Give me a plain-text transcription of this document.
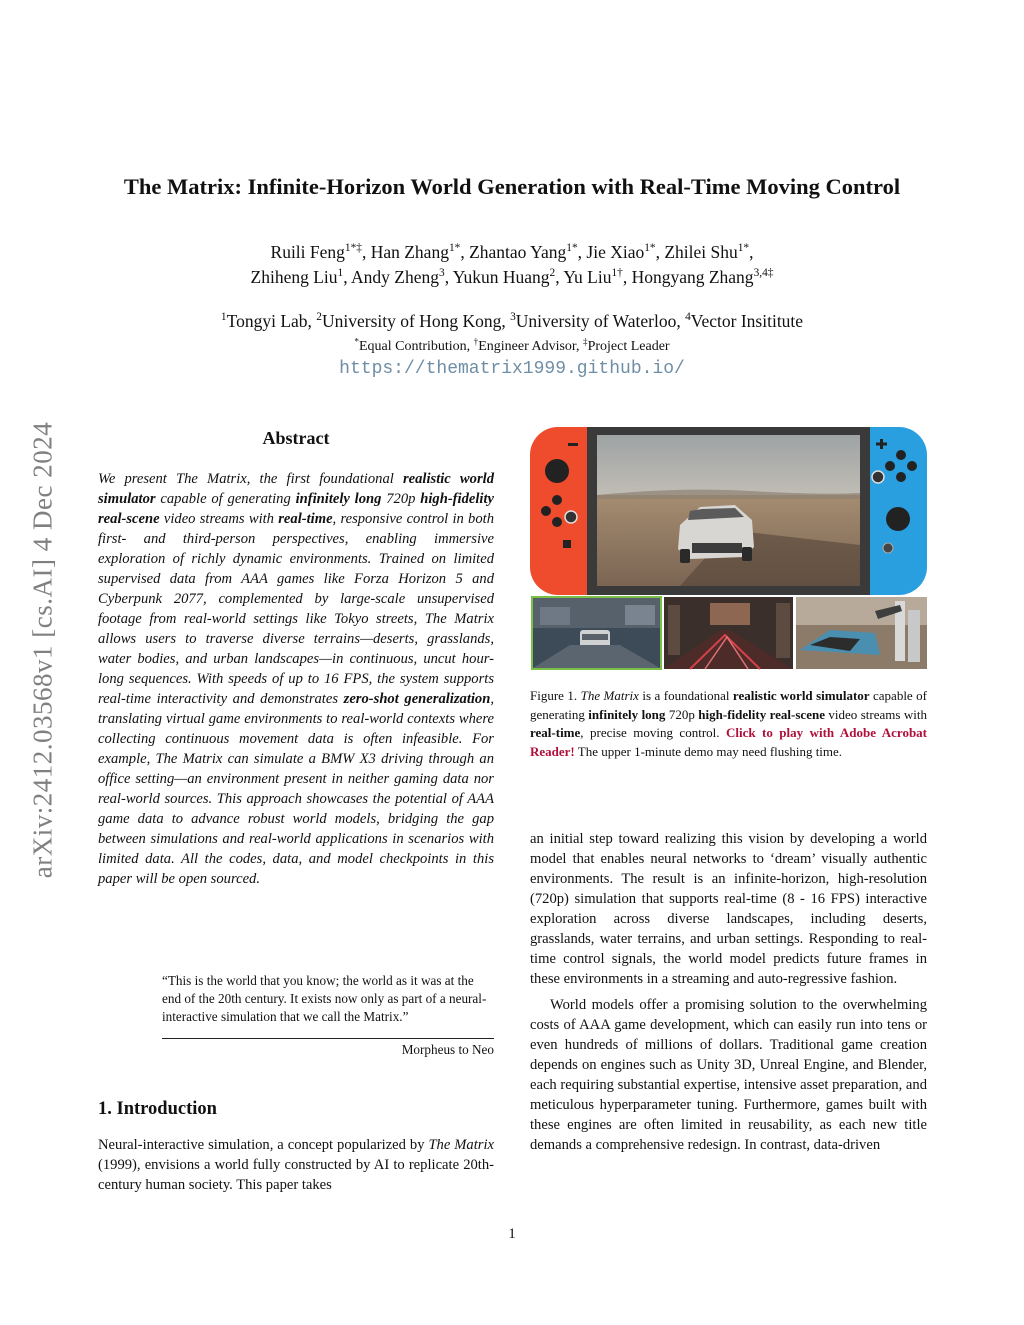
arXiv:2412.03568v1 [cs.AI] 4 Dec 2024
The Matrix: Infinite-Horizon World Generation with Real-Time Moving Control
Ruili Feng$^{1*\ddagger}$, Han Zhang$^{1*}$, Zhantao Yang$^{1*}$, Jie Xiao$^{1*}$, Zhilei Shu$^{1*}$,
Zhiheng Liu$^1$, Andy Zheng$^3$, Yukun Huang$^2$, Yu Liu$^{1\dagger}$, Hongyang Zhang$^{3,4\ddagger}$
$^1$Tongyi Lab, $^2$University of Hong Kong, $^3$University of Waterloo, $^4$Vector Insititute
*Equal Contribution, †Engineer Advisor, ‡Project Leader
https://thematrix1999.github.io/
Abstract
We present The Matrix, the first foundational realistic world simulator capable of generating infinitely long 720p high-fidelity real-scene video streams with real-time, responsive control in both first- and third-person perspectives, enabling immersive exploration of richly dynamic environments. Trained on limited supervised data from AAA games like Forza Horizon 5 and Cyberpunk 2077, complemented by large-scale unsupervised footage from real-world settings like Tokyo streets, The Matrix allows users to traverse diverse terrains—deserts, grasslands, water bodies, and urban landscapes—in continuous, uncut hour-long sequences. With speeds of up to 16 FPS, the system supports real-time interactivity and demonstrates zero-shot generalization, translating virtual game environments to real-world contexts where collecting continuous movement data is often infeasible. For example, The Matrix can simulate a BMW X3 driving through an office setting—an environment present in neither gaming data nor real-world sources. This approach showcases the potential of AAA game data to advance robust world models, bridging the gap between simulations and real-world applications in scenarios with limited data. All the codes, data, and model checkpoints in this paper will be open sourced.
“This is the world that you know; the world as it was at the end of the 20th century. It exists now only as part of a neural-interactive simulation that we call the Matrix.”
Morpheus to Neo
1. Introduction
Neural-interactive simulation, a concept popularized by The Matrix (1999), envisions a world fully constructed by AI to replicate 20th-century human society. This paper takes
Figure 1. The Matrix is a foundational realistic world simulator capable of generating infinitely long 720p high-fidelity real-scene video streams with real-time, precise moving control. Click to play with Adobe Acrobat Reader! The upper 1-minute demo may need flushing time.

an initial step toward realizing this vision by developing a world model that enables neural networks to ‘dream’ visually authentic environments. The result is an infinite-horizon, high-resolution (720p) simulation that supports real-time (8 - 16 FPS) interactive exploration across diverse landscapes, including deserts, grasslands, water terrains, and urban settings. Responding to real-time control signals, the world model predicts future frames in these environments in a streaming and auto-regressive fashion.

World models offer a promising solution to the overwhelming costs of AAA game development, which can easily run into tens or even hundreds of millions of dollars. Traditional game creation depends on engines such as Unity 3D, Unreal Engine, and Blender, each requiring substantial expertise, intensive asset preparation, and meticulous hyperparameter tuning. Furthermore, games built with these engines are often limited in reusability, as each new title demands a comprehensive redesign. In contrast, data-driven

1
